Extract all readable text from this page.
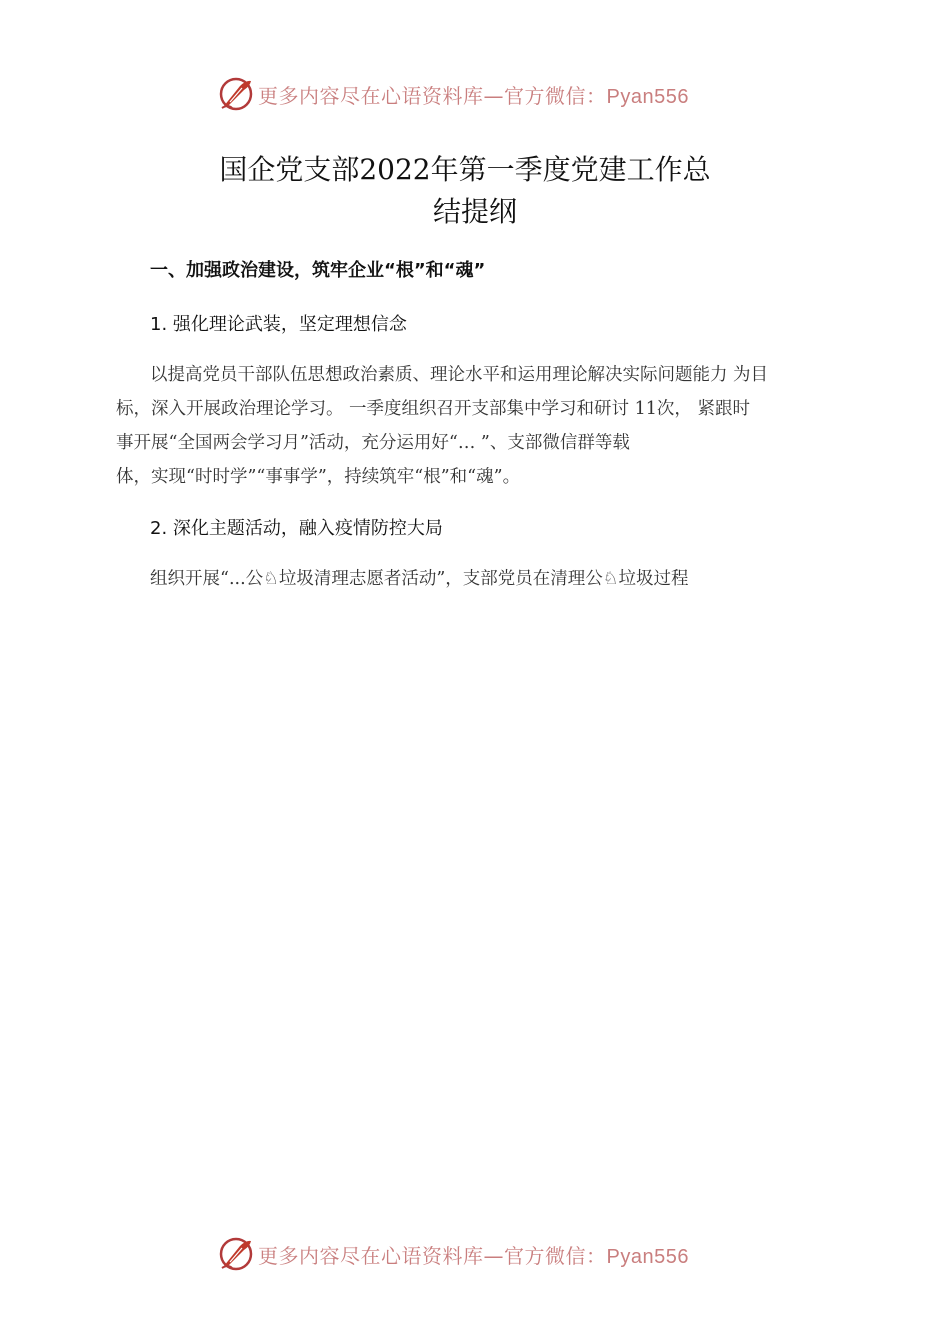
更多内容尽在心语资料库—官方微信：Pyan556
国企党支部2022年第一季度党建工作总
结提纲
一、加强政治建设，筑牢企业“根”和“魂”
1. 强化理论武装，坚定理想信念
以提高党员干部队伍思想政治素质、理论水平和运用理论解决实际问题能力 为目
标，深入开展政治理论学习。 一季度组织召开支部集中学习和研讨 11次， 紧跟时
事开展“全国两会学习月”活动，充分运用好“… ”、支部微信群等载
体，实现“时时学”“事事学”，持续筑牢“根”和“魂”。
2. 深化主题活动，融入疫情防控大局
组织开展“...公♘垃圾清理志愿者活动”，支部党员在清理公♘垃圾过程
更多内容尽在心语资料库—官方微信：Pyan556
